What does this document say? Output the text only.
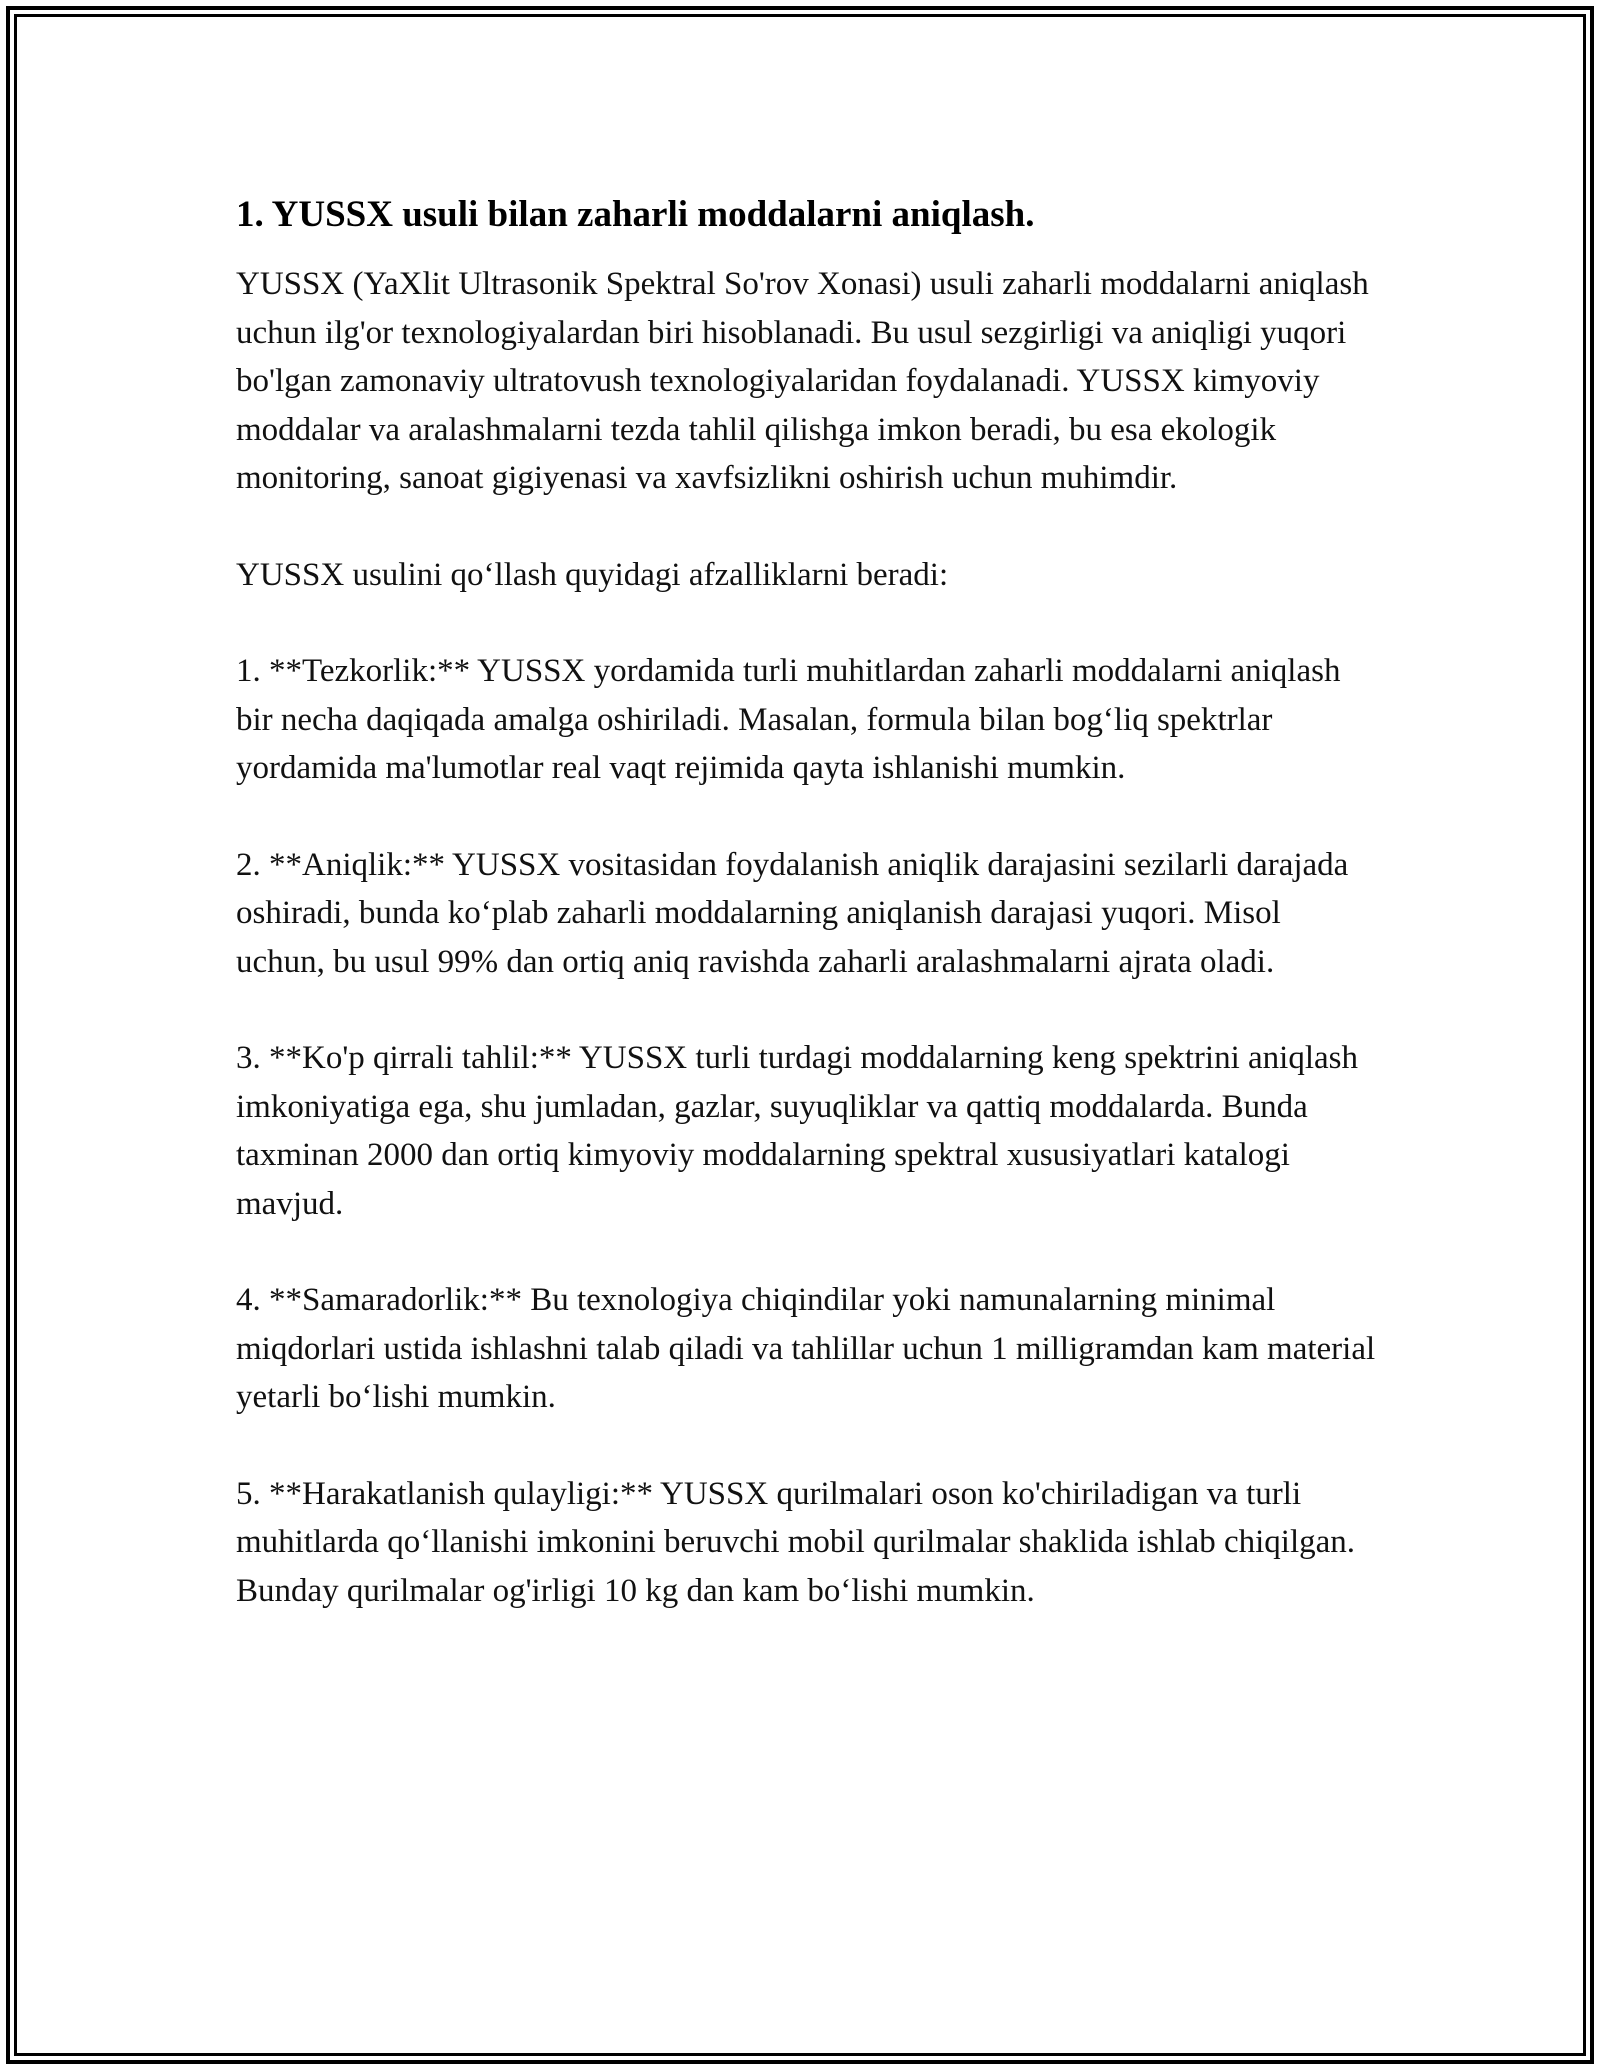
1. YUSSX usuli bilan zaharli moddalarni aniqlash.

YUSSX (YaXlit Ultrasonik Spektral So'rov Xonasi) usuli zaharli moddalarni aniqlash uchun ilg'or texnologiyalardan biri hisoblanadi. Bu usul sezgirligi va aniqligi yuqori bo'lgan zamonaviy ultratovush texnologiyalaridan foydalanadi. YUSSX kimyoviy moddalar va aralashmalarni tezda tahlil qilishga imkon beradi, bu esa ekologik monitoring, sanoat gigiyenasi va xavfsizlikni oshirish uchun muhimdir.

YUSSX usulini qo‘llash quyidagi afzalliklarni beradi:

1. **Tezkorlik:** YUSSX yordamida turli muhitlardan zaharli moddalarni aniqlash bir necha daqiqada amalga oshiriladi. Masalan, formula bilan bog‘liq spektrlar yordamida ma'lumotlar real vaqt rejimida qayta ishlanishi mumkin.

2. **Aniqlik:** YUSSX vositasidan foydalanish aniqlik darajasini sezilarli darajada oshiradi, bunda ko‘plab zaharli moddalarning aniqlanish darajasi yuqori. Misol uchun, bu usul 99% dan ortiq aniq ravishda zaharli aralashmalarni ajrata oladi.

3. **Ko'p qirrali tahlil:** YUSSX turli turdagi moddalarning keng spektrini aniqlash imkoniyatiga ega, shu jumladan, gazlar, suyuqliklar va qattiq moddalarda. Bunda taxminan 2000 dan ortiq kimyoviy moddalarning spektral xususiyatlari katalogi mavjud.

4. **Samaradorlik:** Bu texnologiya chiqindilar yoki namunalarning minimal miqdorlari ustida ishlashni talab qiladi va tahlillar uchun 1 milligramdan kam material yetarli bo‘lishi mumkin.

5. **Harakatlanish qulayligi:** YUSSX qurilmalari oson ko'chiriladigan va turli muhitlarda qo‘llanishi imkonini beruvchi mobil qurilmalar shaklida ishlab chiqilgan. Bunday qurilmalar og'irligi 10 kg dan kam bo‘lishi mumkin.
